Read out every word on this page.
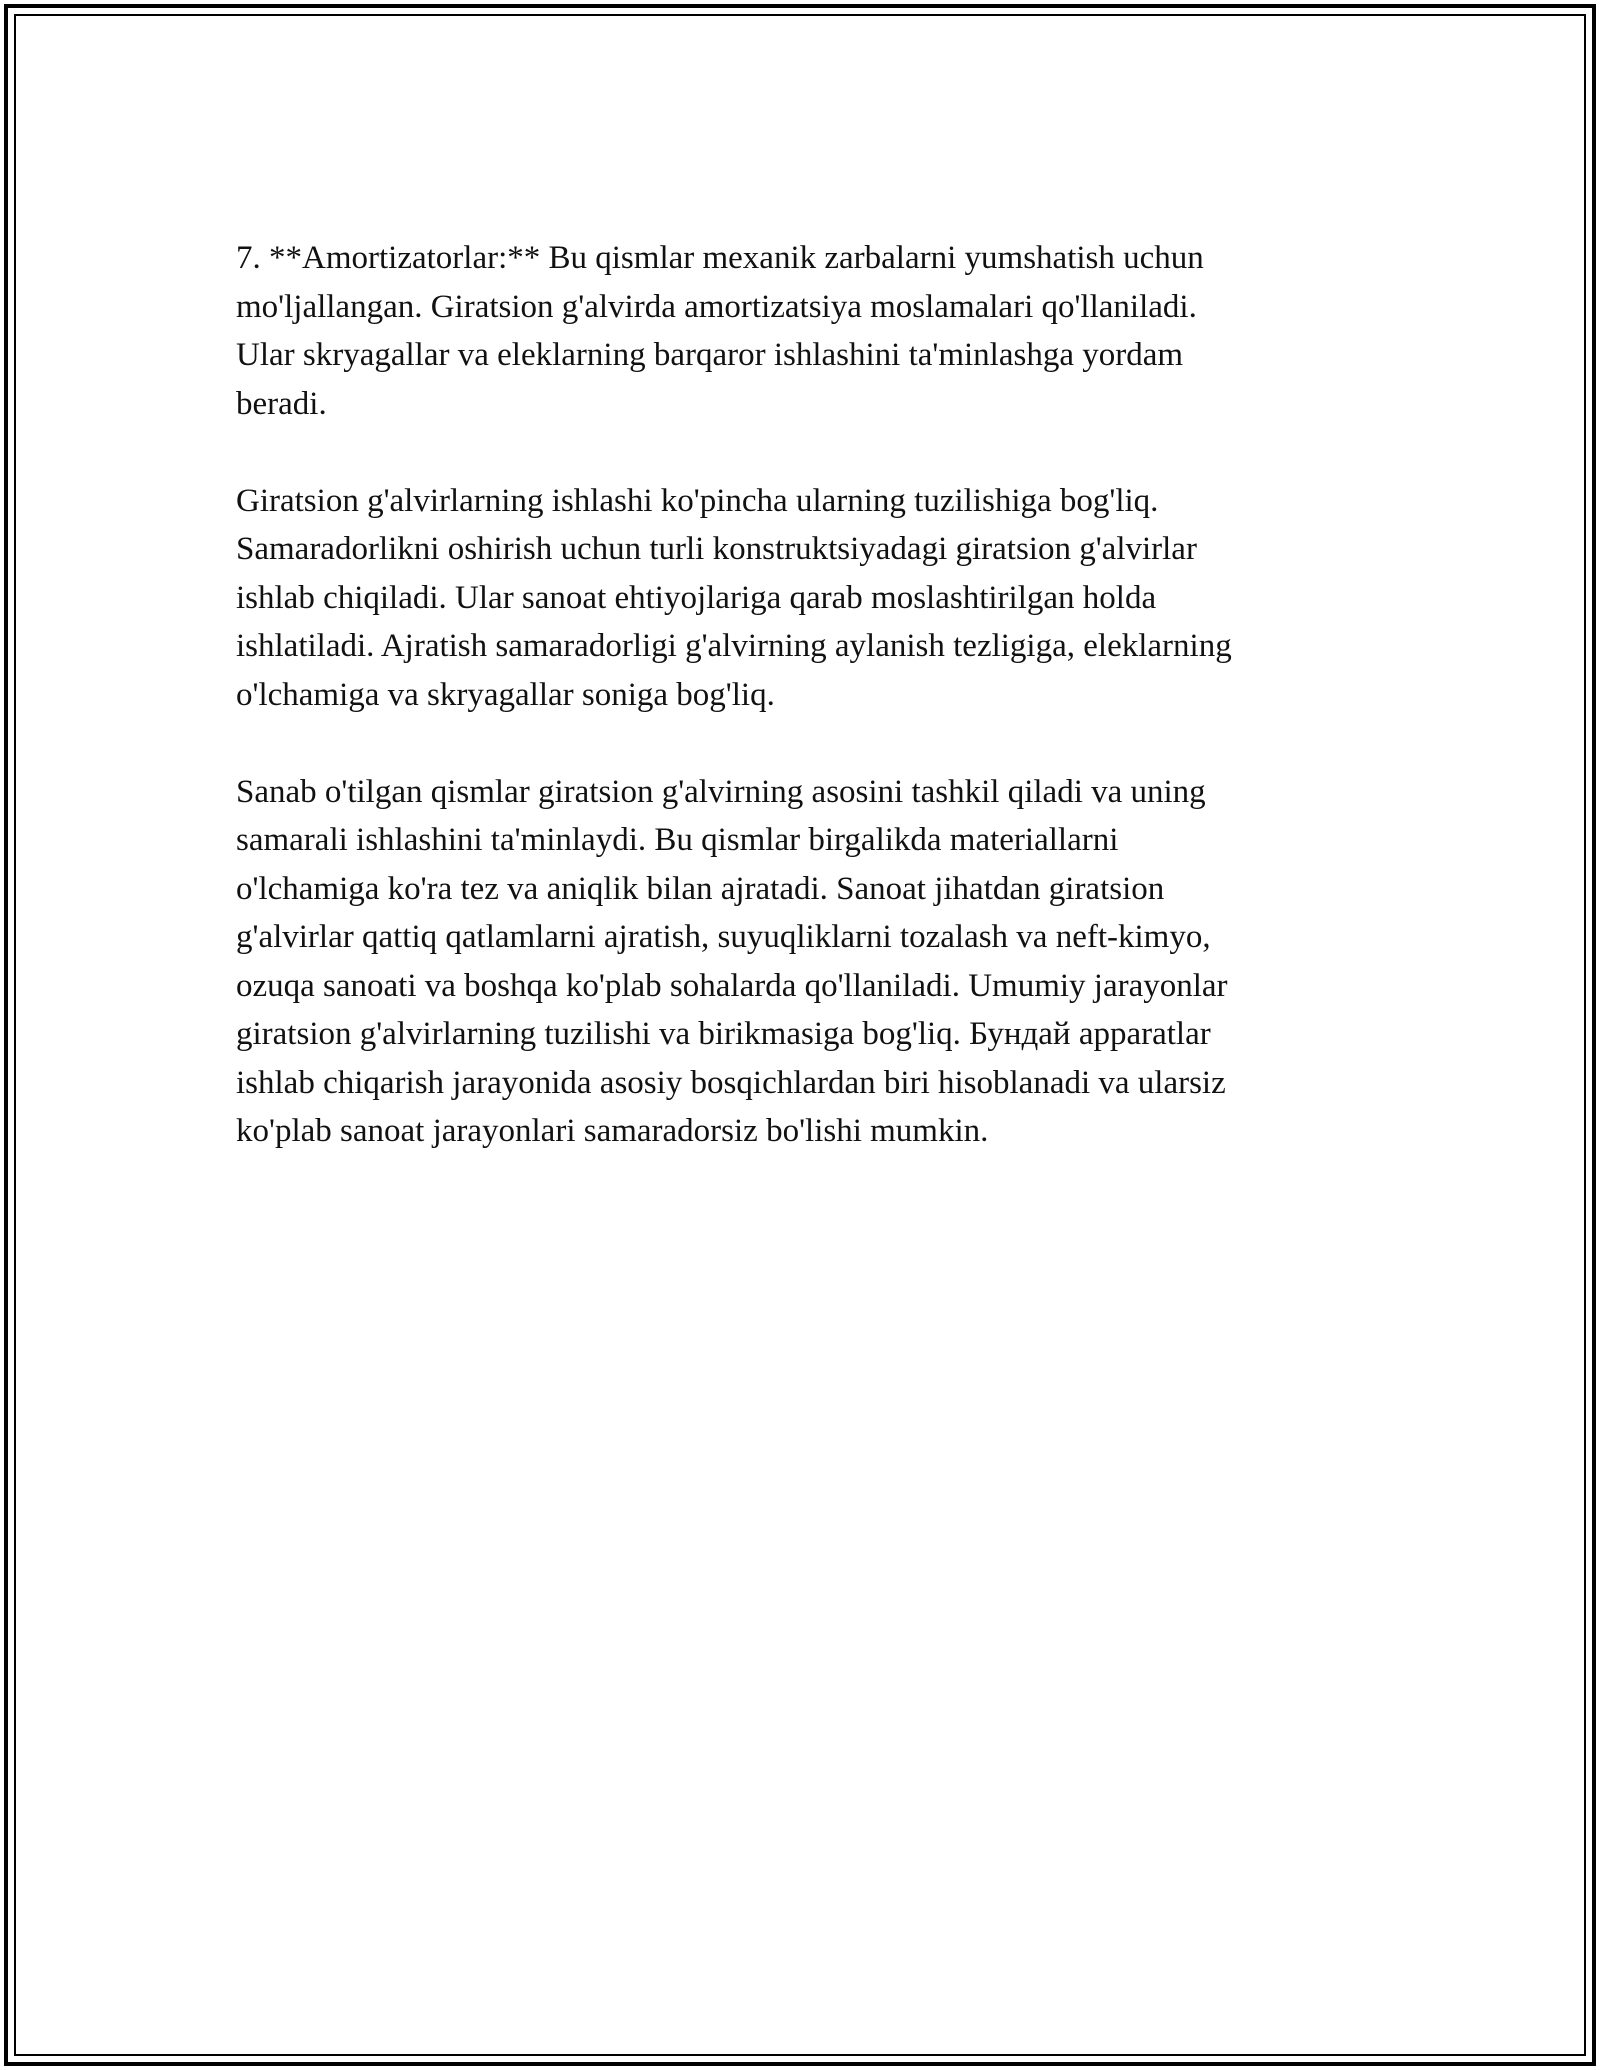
7. **Amortizatorlar:** Bu qismlar mexanik zarbalarni yumshatish uchun
mo'ljallangan. Giratsion g'alvirda amortizatsiya moslamalari qo'llaniladi.
Ular skryagallar va eleklarning barqaror ishlashini ta'minlashga yordam
beradi.

Giratsion g'alvirlarning ishlashi ko'pincha ularning tuzilishiga bog'liq.
Samaradorlikni oshirish uchun turli konstruktsiyadagi giratsion g'alvirlar
ishlab chiqiladi. Ular sanoat ehtiyojlariga qarab moslashtirilgan holda
ishlatiladi. Ajratish samaradorligi g'alvirning aylanish tezligiga, eleklarning
o'lchamiga va skryagallar soniga bog'liq.

Sanab o'tilgan qismlar giratsion g'alvirning asosini tashkil qiladi va uning
samarali ishlashini ta'minlaydi. Bu qismlar birgalikda materiallarni
o'lchamiga ko'ra tez va aniqlik bilan ajratadi. Sanoat jihatdan giratsion
g'alvirlar qattiq qatlamlarni ajratish, suyuqliklarni tozalash va neft-kimyo,
ozuqa sanoati va boshqa ko'plab sohalarda qo'llaniladi. Umumiy jarayonlar
giratsion g'alvirlarning tuzilishi va birikmasiga bog'liq. Бундай apparatlar
ishlab chiqarish jarayonida asosiy bosqichlardan biri hisoblanadi va ularsiz
ko'plab sanoat jarayonlari samaradorsiz bo'lishi mumkin.
